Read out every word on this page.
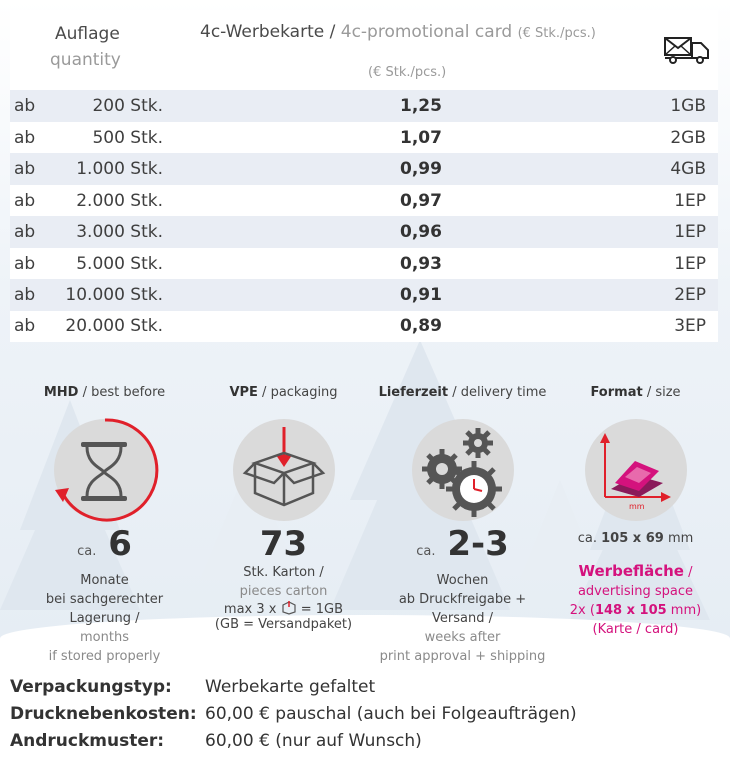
Auflage
quantity
4c-Werbekarte / 4c-promotional card (€ Stk./pcs.)
(€ Stk./pcs.)
ab	200 Stk.	1,25	1GB
ab	500 Stk.	1,07	2GB
ab 1.000 Stk.	0,99	4GB
ab 2.000 Stk.	0,97	1EP
ab 3.000 Stk.	0,96	1EP
ab 5.000 Stk.	0,93	1EP
ab 10.000 Stk.	0,91	2EP
ab 20.000 Stk.	0,89	3EP
MHD / best before
ca. 6
Monate
bei sachgerechter Lagerung /
months
if stored properly
VPE / packaging
73
Stk. Karton /
pieces carton
max 3 x = 1GB
(GB = Versandpaket)
Lieferzeit / delivery time
ca. 2-3
Wochen
ab Druckfreigabe + Versand /
weeks after
print approval + shipping
Format / size
mm
ca. 105 x 69 mm
Werbefläche /
advertising space
2x (148 x 105 mm)
(Karte / card)
Verpackungstyp: Werbekarte gefaltet
Drucknebenkosten: 60,00 € pauschal (auch bei Folgeaufträgen)
Andruckmuster: 60,00 € (nur auf Wunsch)
